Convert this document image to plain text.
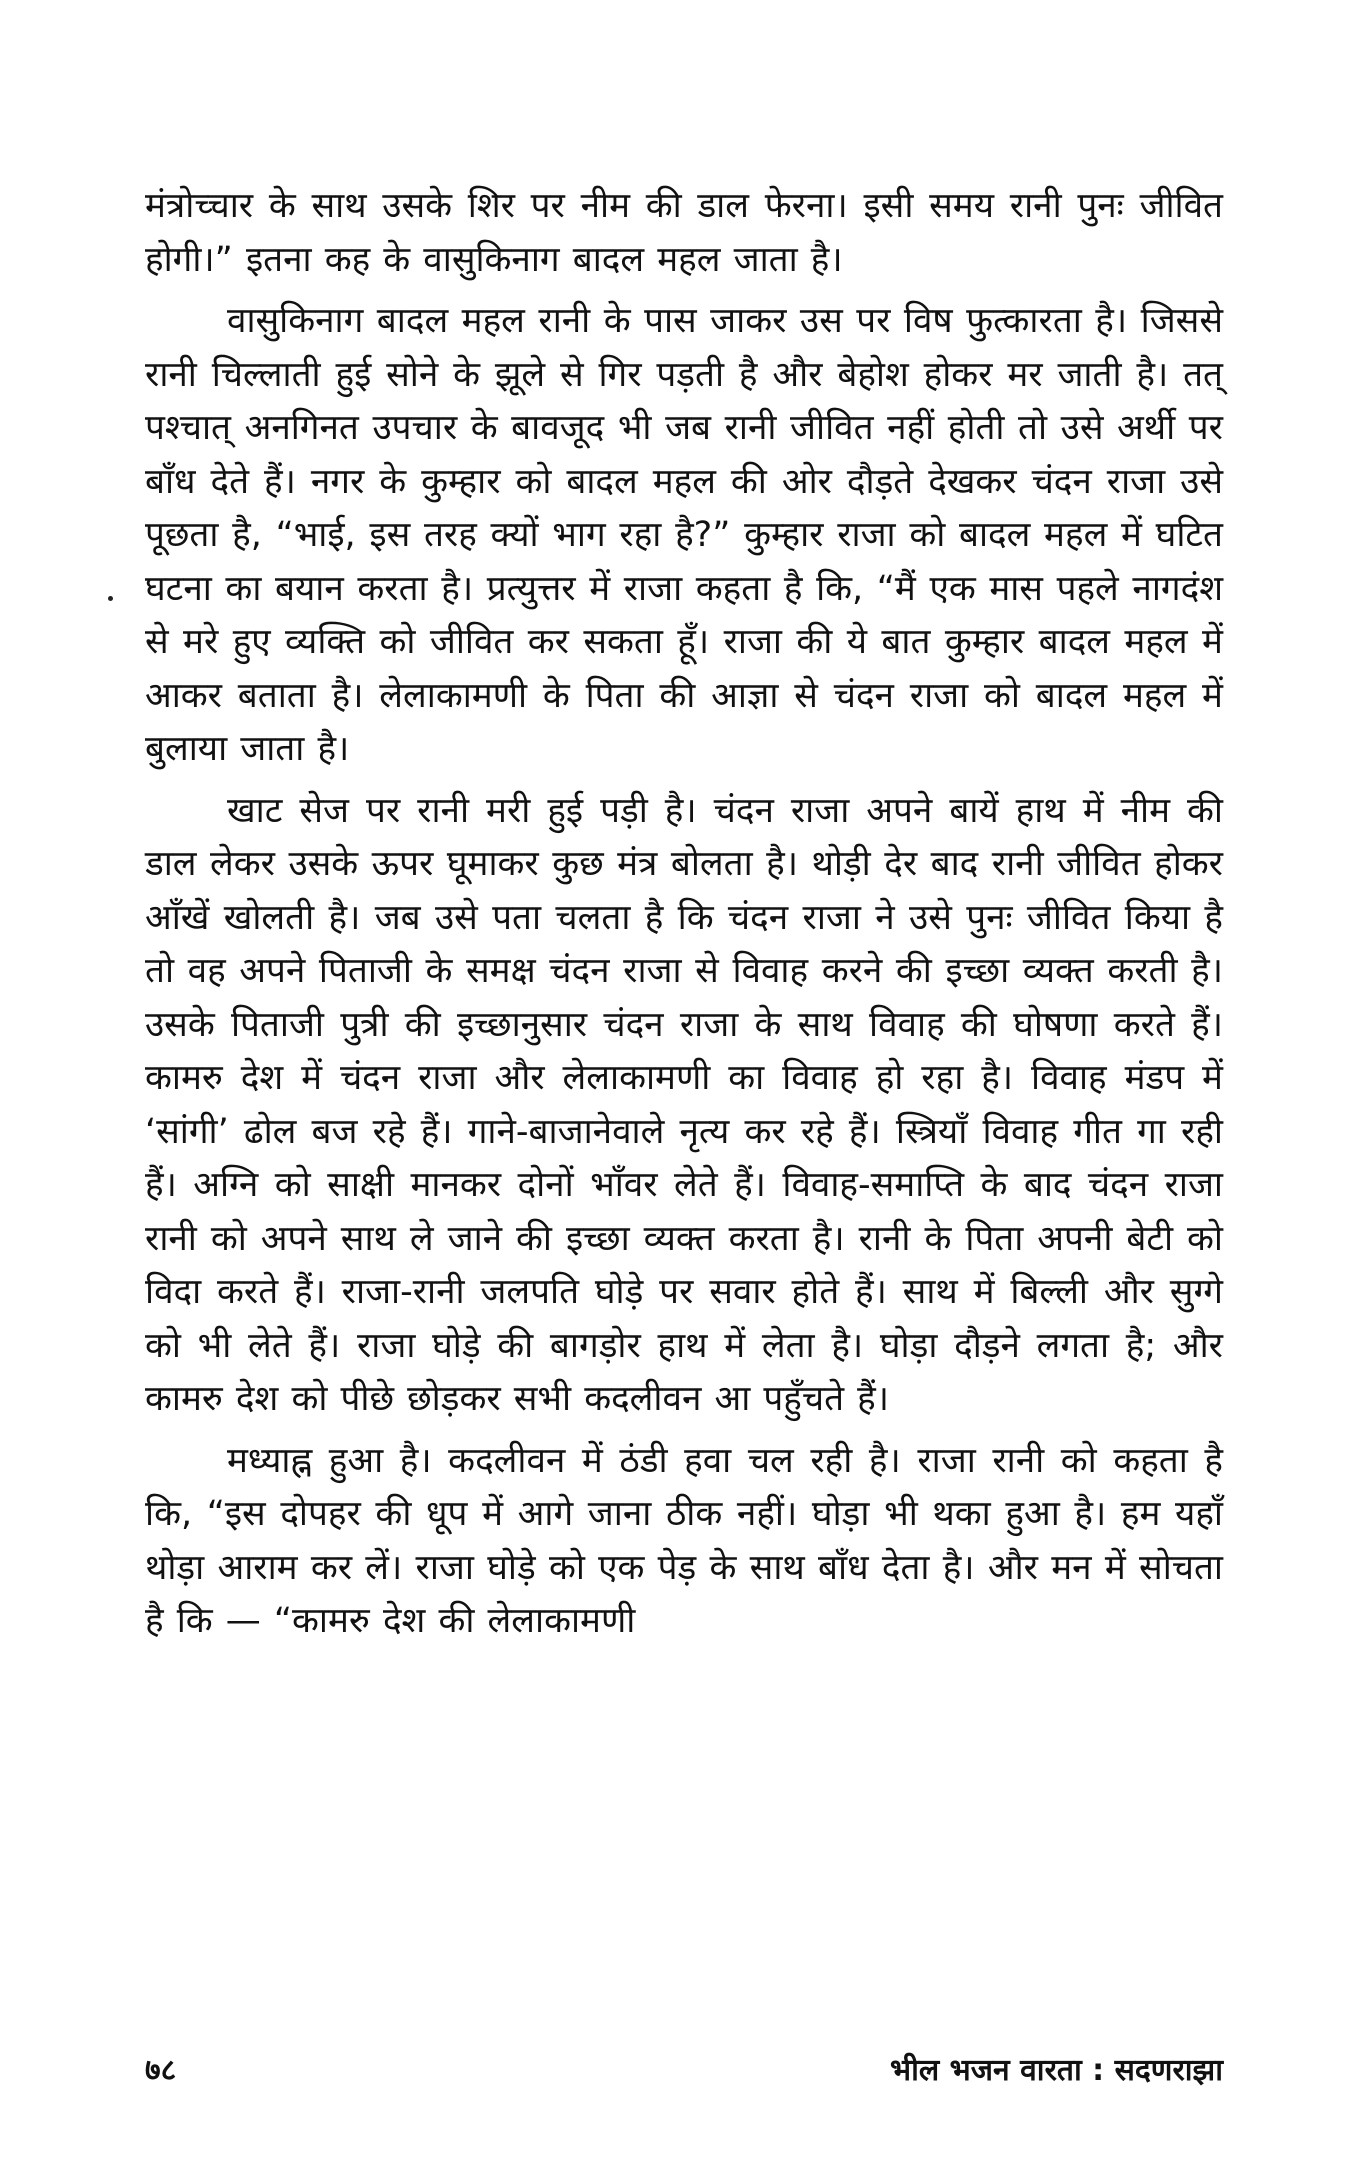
मंत्रोच्चार के साथ उसके शिर पर नीम की डाल फेरना। इसी समय रानी पुनः जीवित होगी।” इतना कह के वासुकिनाग बादल महल जाता है।

वासुकिनाग बादल महल रानी के पास जाकर उस पर विष फुत्कारता है। जिससे रानी चिल्लाती हुई सोने के झूले से गिर पड़ती है और बेहोश होकर मर जाती है। तत् पश्चात् अनगिनत उपचार के बावजूद भी जब रानी जीवित नहीं होती तो उसे अर्थी पर बाँध देते हैं। नगर के कुम्हार को बादल महल की ओर दौड़ते देखकर चंदन राजा उसे पूछता है, “भाई, इस तरह क्यों भाग रहा है?” कुम्हार राजा को बादल महल में घटित घटना का बयान करता है। प्रत्युत्तर में राजा कहता है कि, “मैं एक मास पहले नागदंश से मरे हुए व्यक्ति को जीवित कर सकता हूँ। राजा की ये बात कुम्हार बादल महल में आकर बताता है। लेलाकामणी के पिता की आज्ञा से चंदन राजा को बादल महल में बुलाया जाता है।

खाट सेज पर रानी मरी हुई पड़ी है। चंदन राजा अपने बायें हाथ में नीम की डाल लेकर उसके ऊपर घूमाकर कुछ मंत्र बोलता है। थोड़ी देर बाद रानी जीवित होकर आँखें खोलती है। जब उसे पता चलता है कि चंदन राजा ने उसे पुनः जीवित किया है तो वह अपने पिताजी के समक्ष चंदन राजा से विवाह करने की इच्छा व्यक्त करती है। उसके पिताजी पुत्री की इच्छानुसार चंदन राजा के साथ विवाह की घोषणा करते हैं। कामरु देश में चंदन राजा और लेलाकामणी का विवाह हो रहा है। विवाह मंडप में ‘सांगी’ ढोल बज रहे हैं। गाने-बाजानेवाले नृत्य कर रहे हैं। स्त्रियाँ विवाह गीत गा रही हैं। अग्नि को साक्षी मानकर दोनों भाँवर लेते हैं। विवाह-समाप्ति के बाद चंदन राजा रानी को अपने साथ ले जाने की इच्छा व्यक्त करता है। रानी के पिता अपनी बेटी को विदा करते हैं। राजा-रानी जलपति घोड़े पर सवार होते हैं। साथ में बिल्ली और सुग्गे को भी लेते हैं। राजा घोड़े की बागड़ोर हाथ में लेता है। घोड़ा दौड़ने लगता है; और कामरु देश को पीछे छोड़कर सभी कदलीवन आ पहुँचते हैं।

मध्याह्न हुआ है। कदलीवन में ठंडी हवा चल रही है। राजा रानी को कहता है कि, “इस दोपहर की धूप में आगे जाना ठीक नहीं। घोड़ा भी थका हुआ है। हम यहाँ थोड़ा आराम कर लें। राजा घोड़े को एक पेड़ के साथ बाँध देता है। और मन में सोचता है कि — “कामरु देश की लेलाकामणी

७८	भील भजन वारता : सदणराझा
